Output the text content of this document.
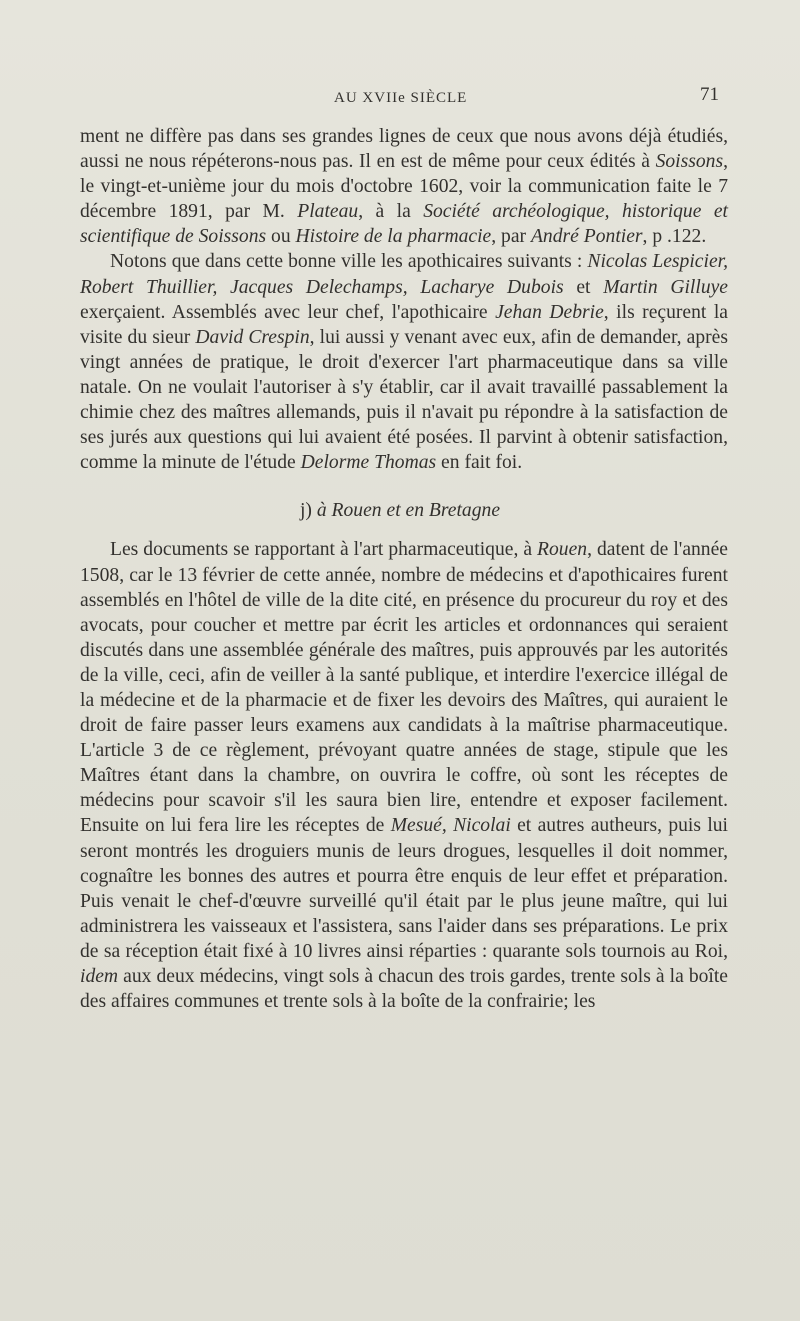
AU XVIIe SIÈCLE	71

ment ne diffère pas dans ses grandes lignes de ceux que nous avons déjà étudiés, aussi ne nous répéterons-nous pas. Il en est de même pour ceux édités à Soissons, le vingt-et-unième jour du mois d'octobre 1602, voir la communication faite le 7 décembre 1891, par M. Plateau, à la Société archéologique, historique et scientifique de Soissons ou Histoire de la pharmacie, par André Pontier, p .122.

Notons que dans cette bonne ville les apothicaires suivants : Nicolas Lespicier, Robert Thuillier, Jacques Delechamps, Lacharye Dubois et Martin Gilluye exerçaient. Assemblés avec leur chef, l'apothicaire Jehan Debrie, ils reçurent la visite du sieur David Crespin, lui aussi y venant avec eux, afin de demander, après vingt années de pratique, le droit d'exercer l'art pharmaceutique dans sa ville natale. On ne voulait l'autoriser à s'y établir, car il avait travaillé passablement la chimie chez des maîtres allemands, puis il n'avait pu répondre à la satisfaction de ses jurés aux questions qui lui avaient été posées. Il parvint à obtenir satisfaction, comme la minute de l'étude Delorme Thomas en fait foi.

j) à Rouen et en Bretagne

Les documents se rapportant à l'art pharmaceutique, à Rouen, datent de l'année 1508, car le 13 février de cette année, nombre de médecins et d'apothicaires furent assemblés en l'hôtel de ville de la dite cité, en présence du procureur du roy et des avocats, pour coucher et mettre par écrit les articles et ordonnances qui seraient discutés dans une assemblée générale des maîtres, puis approuvés par les autorités de la ville, ceci, afin de veiller à la santé publique, et interdire l'exercice illégal de la médecine et de la pharmacie et de fixer les devoirs des Maîtres, qui auraient le droit de faire passer leurs examens aux candidats à la maîtrise pharmaceutique. L'article 3 de ce règlement, prévoyant quatre années de stage, stipule que les Maîtres étant dans la chambre, on ouvrira le coffre, où sont les réceptes de médecins pour scavoir s'il les saura bien lire, entendre et exposer facilement. Ensuite on lui fera lire les réceptes de Mesué, Nicolai et autres autheurs, puis lui seront montrés les droguiers munis de leurs drogues, lesquelles il doit nommer, cognaître les bonnes des autres et pourra être enquis de leur effet et préparation. Puis venait le chef-d'œuvre surveillé qu'il était par le plus jeune maître, qui lui administrera les vaisseaux et l'assistera, sans l'aider dans ses préparations. Le prix de sa réception était fixé à 10 livres ainsi réparties : quarante sols tournois au Roi, idem aux deux médecins, vingt sols à chacun des trois gardes, trente sols à la boîte des affaires communes et trente sols à la boîte de la confrairie; les
